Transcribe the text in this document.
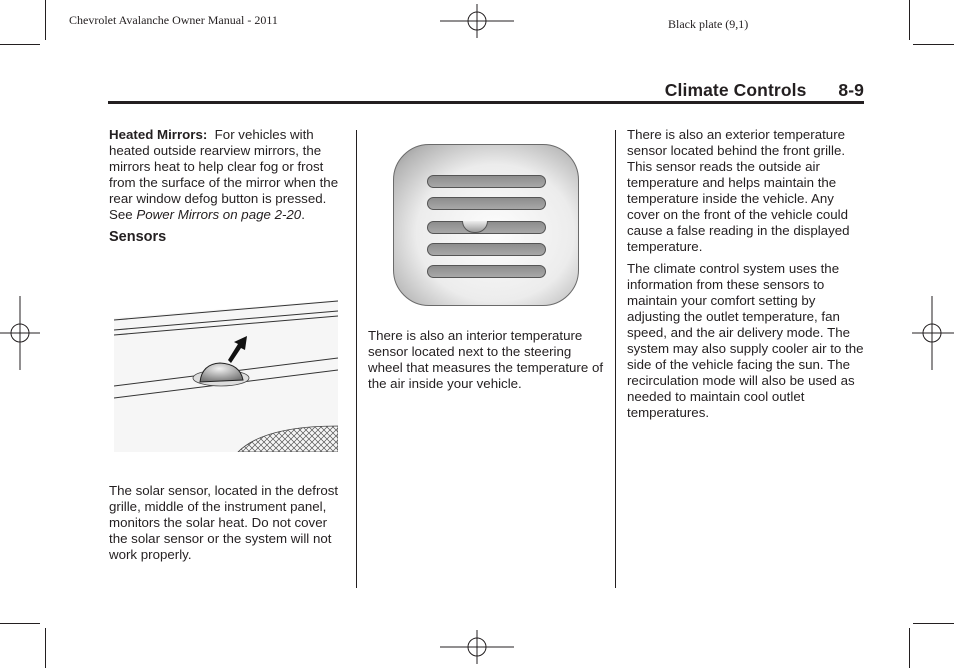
Chevrolet Avalanche Owner Manual - 2011	Black plate (9,1)
Climate Controls 8-9

Heated Mirrors: For vehicles with heated outside rearview mirrors, the mirrors heat to help clear fog or frost from the surface of the mirror when the rear window defog button is pressed. See Power Mirrors on page 2-20.

Sensors
The solar sensor, located in the defrost grille, middle of the instrument panel, monitors the solar heat. Do not cover the solar sensor or the system will not work properly.
There is also an interior temperature sensor located next to the steering wheel that measures the temperature of the air inside your vehicle.

There is also an exterior temperature sensor located behind the front grille. This sensor reads the outside air temperature and helps maintain the temperature inside the vehicle. Any cover on the front of the vehicle could cause a false reading in the displayed temperature.

The climate control system uses the information from these sensors to maintain your comfort setting by adjusting the outlet temperature, fan speed, and the air delivery mode. The system may also supply cooler air to the side of the vehicle facing the sun. The recirculation mode will also be used as needed to maintain cool outlet temperatures.
